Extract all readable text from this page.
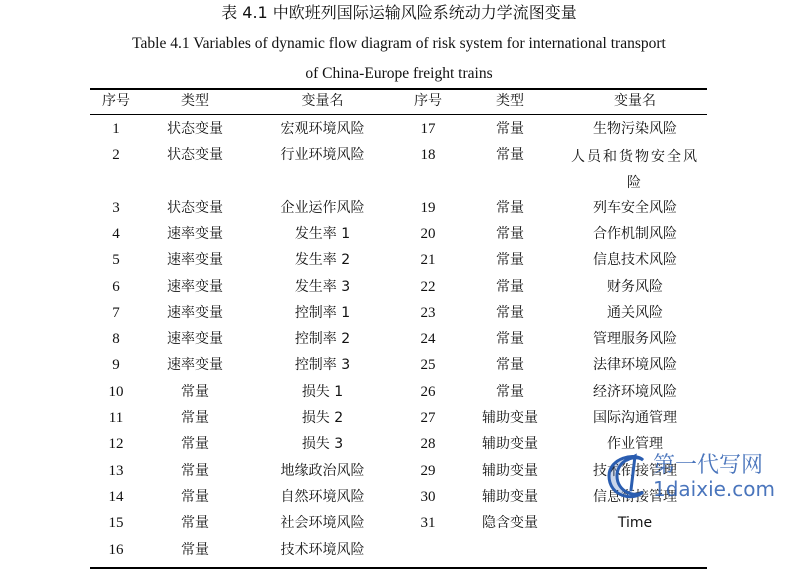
表 4.1 中欧班列国际运输风险系统动力学流图变量
Table 4.1 Variables of dynamic flow diagram of risk system for international transport
of China-Europe freight trains
序号	类型	变量名	序号	类型	变量名
1	状态变量	宏观环境风险	17	常量	生物污染风险
2	状态变量	行业环境风险	18	常量	人员和货物安全风险
3	状态变量	企业运作风险	19	常量	列车安全风险
4	速率变量	发生率 1	20	常量	合作机制风险
5	速率变量	发生率 2	21	常量	信息技术风险
6	速率变量	发生率 3	22	常量	财务风险
7	速率变量	控制率 1	23	常量	通关风险
8	速率变量	控制率 2	24	常量	管理服务风险
9	速率变量	控制率 3	25	常量	法律环境风险
10	常量	损失 1	26	常量	经济环境风险
11	常量	损失 2	27	辅助变量	国际沟通管理
12	常量	损失 3	28	辅助变量	作业管理
13	常量	地缘政治风险	29	辅助变量	技术衔接管理
14	常量	自然环境风险	30	辅助变量	信息衔接管理
15	常量	社会环境风险	31	隐含变量	Time
16	常量	技术环境风险
第一代写网
1daixie.com
